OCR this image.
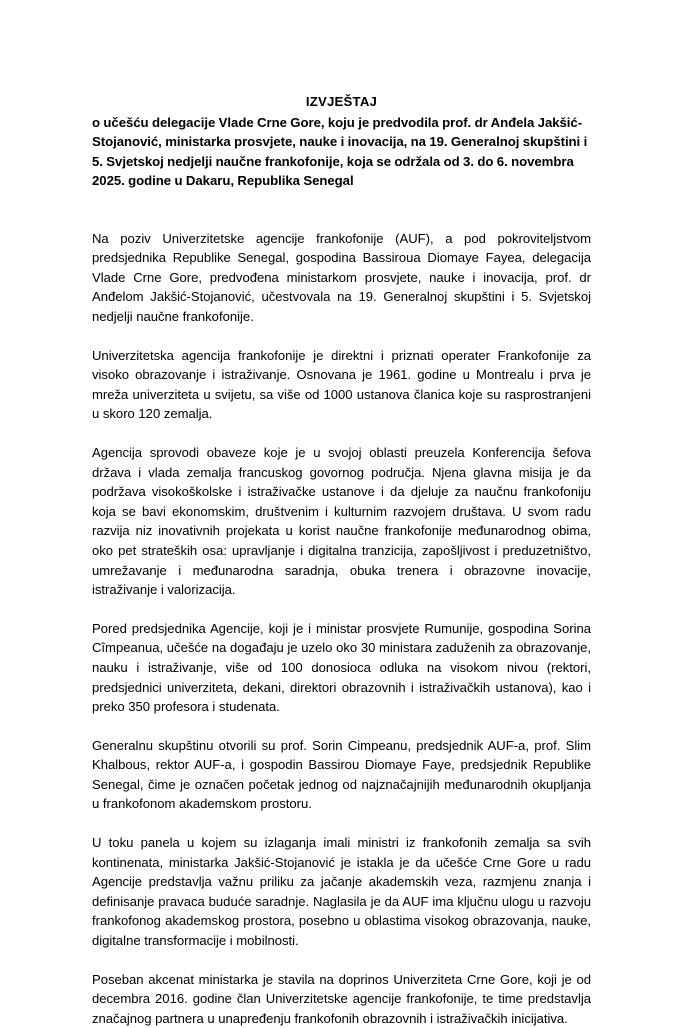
IZVJEŠTAJ
o učešću delegacije Vlade Crne Gore, koju je predvodila prof. dr Anđela Jakšić-Stojanović, ministarka prosvjete, nauke i inovacija, na 19. Generalnoj skupštini i 5. Svjetskoj nedjelji naučne frankofonije, koja se održala od 3. do 6. novembra 2025. godine u Dakaru, Republika Senegal

Na poziv Univerzitetske agencije frankofonije (AUF), a pod pokroviteljstvom predsjednika Republike Senegal, gospodina Bassiroua Diomaye Fayea, delegacija Vlade Crne Gore, predvođena ministarkom prosvjete, nauke i inovacija, prof. dr Anđelom Jakšić-Stojanović, učestvovala na 19. Generalnoj skupštini i 5. Svjetskoj nedjelji naučne frankofonije.

Univerzitetska agencija frankofonije je direktni i priznati operater Frankofonije za visoko obrazovanje i istraživanje. Osnovana je 1961. godine u Montrealu i prva je mreža univerziteta u svijetu, sa više od 1000 ustanova članica koje su rasprostranjeni u skoro 120 zemalja.

Agencija sprovodi obaveze koje je u svojoj oblasti preuzela Konferencija šefova država i vlada zemalja francuskog govornog područja. Njena glavna misija je da podržava visokoškolske i istraživačke ustanove i da djeluje za naučnu frankofoniju koja se bavi ekonomskim, društvenim i kulturnim razvojem društava. U svom radu razvija niz inovativnih projekata u korist naučne frankofonije međunarodnog obima, oko pet strateških osa: upravljanje i digitalna tranzicija, zapošljivost i preduzetništvo, umrežavanje i međunarodna saradnja, obuka trenera i obrazovne inovacije, istraživanje i valorizacija.

Pored predsjednika Agencije, koji je i ministar prosvjete Rumunije, gospodina Sorina Cîmpeanua, učešće na događaju je uzelo oko 30 ministara zaduženih za obrazovanje, nauku i istraživanje, više od 100 donosioca odluka na visokom nivou (rektori, predsjednici univerziteta, dekani, direktori obrazovnih i istraživačkih ustanova), kao i preko 350 profesora i studenata.

Generalnu skupštinu otvorili su prof. Sorin Cimpeanu, predsjednik AUF-a, prof. Slim Khalbous, rektor AUF-a, i gospodin Bassirou Diomaye Faye, predsjednik Republike Senegal, čime je označen početak jednog od najznačajnijih međunarodnih okupljanja u frankofonom akademskom prostoru.

U toku panela u kojem su izlaganja imali ministri iz frankofonih zemalja sa svih kontinenata, ministarka Jakšić-Stojanović je istakla je da učešće Crne Gore u radu Agencije predstavlja važnu priliku za jačanje akademskih veza, razmjenu znanja i definisanje pravaca buduće saradnje. Naglasila je da AUF ima ključnu ulogu u razvoju frankofonog akademskog prostora, posebno u oblastima visokog obrazovanja, nauke, digitalne transformacije i mobilnosti.

Poseban akcenat ministarka je stavila na doprinos Univerziteta Crne Gore, koji je od decembra 2016. godine član Univerzitetske agencije frankofonije, te time predstavlja značajnog partnera u unapređenju frankofonih obrazovnih i istraživačkih inicijativa.
